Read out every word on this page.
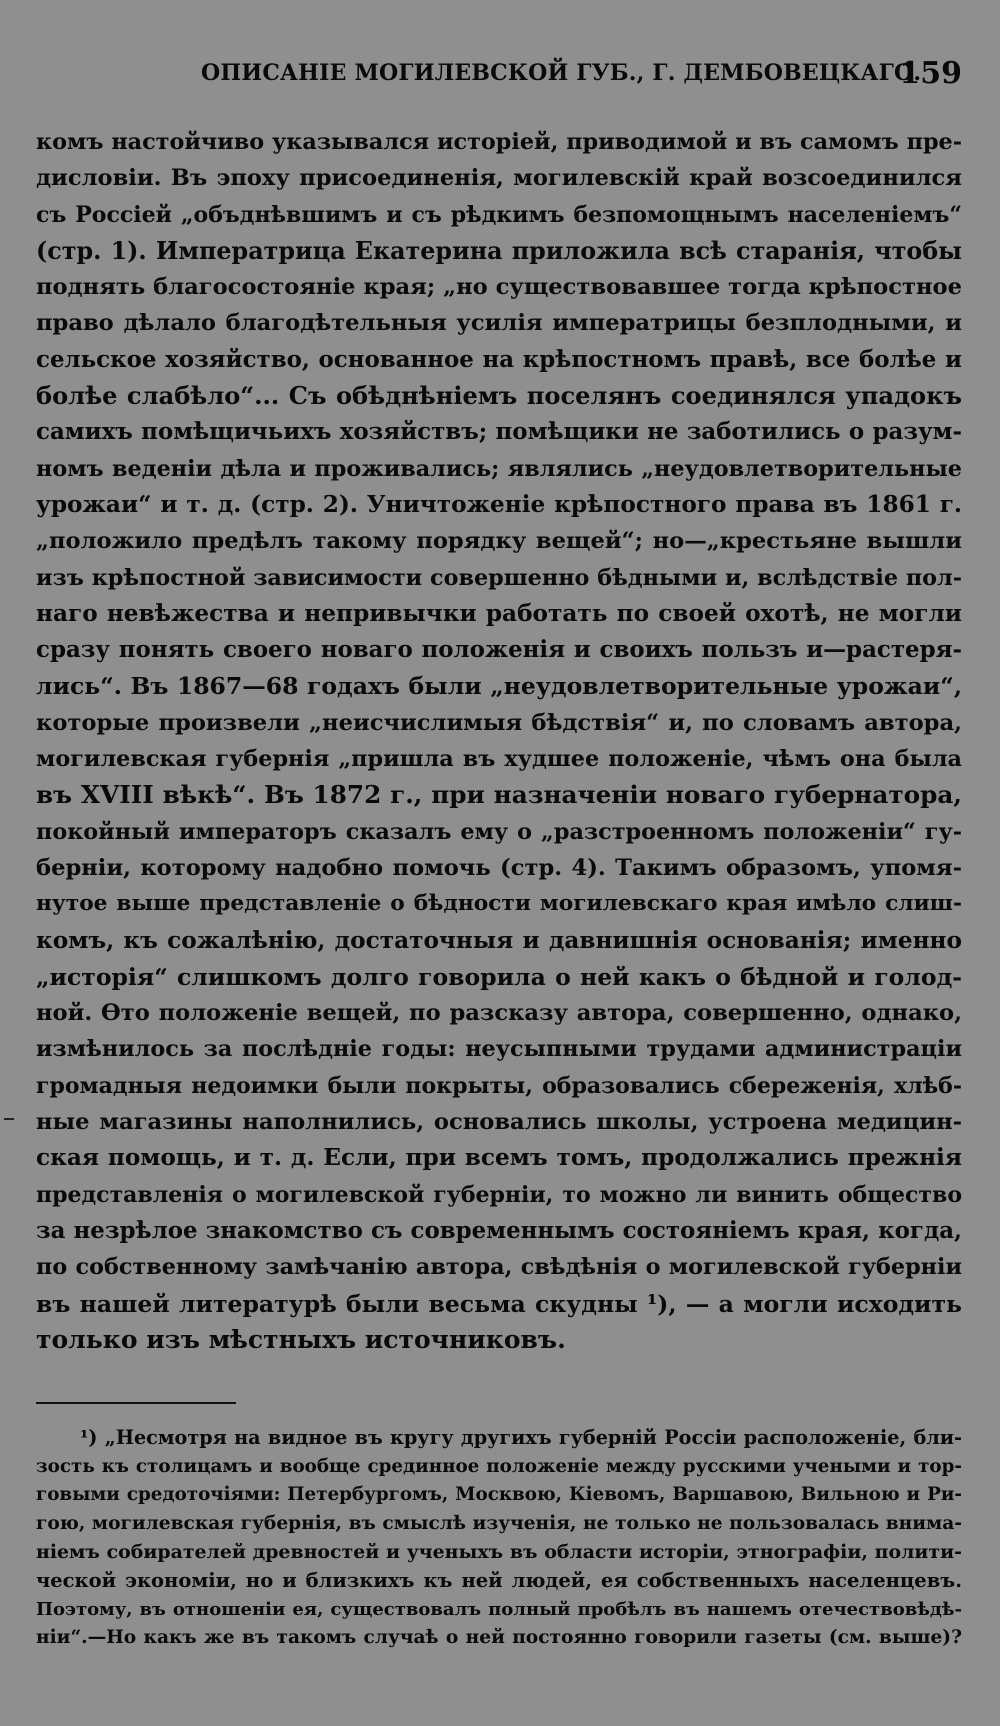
ОПИСАНІЕ МОГИЛЕВСКОЙ ГУБ., Г. ДЕМБОВЕЦКАГО.
159
комъ настойчиво указывался исторіей, приводимой и въ самомъ пре-
дисловіи. Въ эпоху присоединенія, могилевскій край возсоединился
съ Россіей „объднѣвшимъ и съ рѣдкимъ безпомощнымъ населеніемъ“
(стр. 1). Императрица Екатерина приложила всѣ старанія, чтобы
поднять благосостояніе края; „но существовавшее тогда крѣпостное
право дѣлало благодѣтельныя усилія императрицы безплодными, и
сельское хозяйство, основанное на крѣпостномъ правѣ, все болѣе и
болѣе слабѣло“... Съ обѣднѣніемъ поселянъ соединялся упадокъ
самихъ помѣщичьихъ хозяйствъ; помѣщики не заботились о разум-
номъ веденіи дѣла и проживались; являлись „неудовлетворительные
урожаи“ и т. д. (стр. 2). Уничтоженіе крѣпостного права въ 1861 г.
„положило предѣлъ такому порядку вещей“; но—„крестьяне вышли
изъ крѣпостной зависимости совершенно бѣдными и, вслѣдствіе пол-
наго невѣжества и непривычки работать по своей охотѣ, не могли
сразу понять своего новаго положенія и своихъ пользъ и—растеря-
лись“. Въ 1867—68 годахъ были „неудовлетворительные урожаи“,
которые произвели „неисчислимыя бѣдствія“ и, по словамъ автора,
могилевская губернія „пришла въ худшее положеніе, чѣмъ она была
въ XVIII вѣкѣ“. Въ 1872 г., при назначеніи новаго губернатора,
покойный императоръ сказалъ ему о „разстроенномъ положеніи“ гу-
берніи, которому надобно помочь (стр. 4). Такимъ образомъ, упомя-
нутое выше представленіе о бѣдности могилевскаго края имѣло слиш-
комъ, къ сожалѣнію, достаточныя и давнишнія основанія; именно
„исторія“ слишкомъ долго говорила о ней какъ о бѣдной и голод-
ной. Ѳто положеніе вещей, по разсказу автора, совершенно, однако,
измѣнилось за послѣдніе годы: неусыпными трудами администраціи
громадныя недоимки были покрыты, образовались сбереженія, хлѣб-
ные магазины наполнились, основались школы, устроена медицин-
ская помощь, и т. д. Если, при всемъ томъ, продолжались прежнія
представленія о могилевской губерніи, то можно ли винить общество
за незрѣлое знакомство съ современнымъ состояніемъ края, когда,
по собственному замѣчанію автора, свѣдѣнія о могилевской губерніи
въ нашей литературѣ были весьма скудны ¹), — а могли исходить
только изъ мѣстныхъ источниковъ.
¹) „Несмотря на видное въ кругу другихъ губерній Россіи расположеніе, бли-
зость къ столицамъ и вообще срединное положеніе между русскими учеными и тор-
говыми средоточіями: Петербургомъ, Москвою, Кіевомъ, Варшавою, Вильною и Ри-
гою, могилевская губернія, въ смыслѣ изученія, не только не пользовалась внима-
ніемъ собирателей древностей и ученыхъ въ области исторіи, этнографіи, полити-
ческой экономіи, но и близкихъ къ ней людей, ея собственныхъ населенцевъ.
Поэтому, въ отношеніи ея, существовалъ полный пробѣлъ въ нашемъ отечествовѣдѣ-
ніи“.—Но какъ же въ такомъ случаѣ о ней постоянно говорили газеты (см. выше)?
